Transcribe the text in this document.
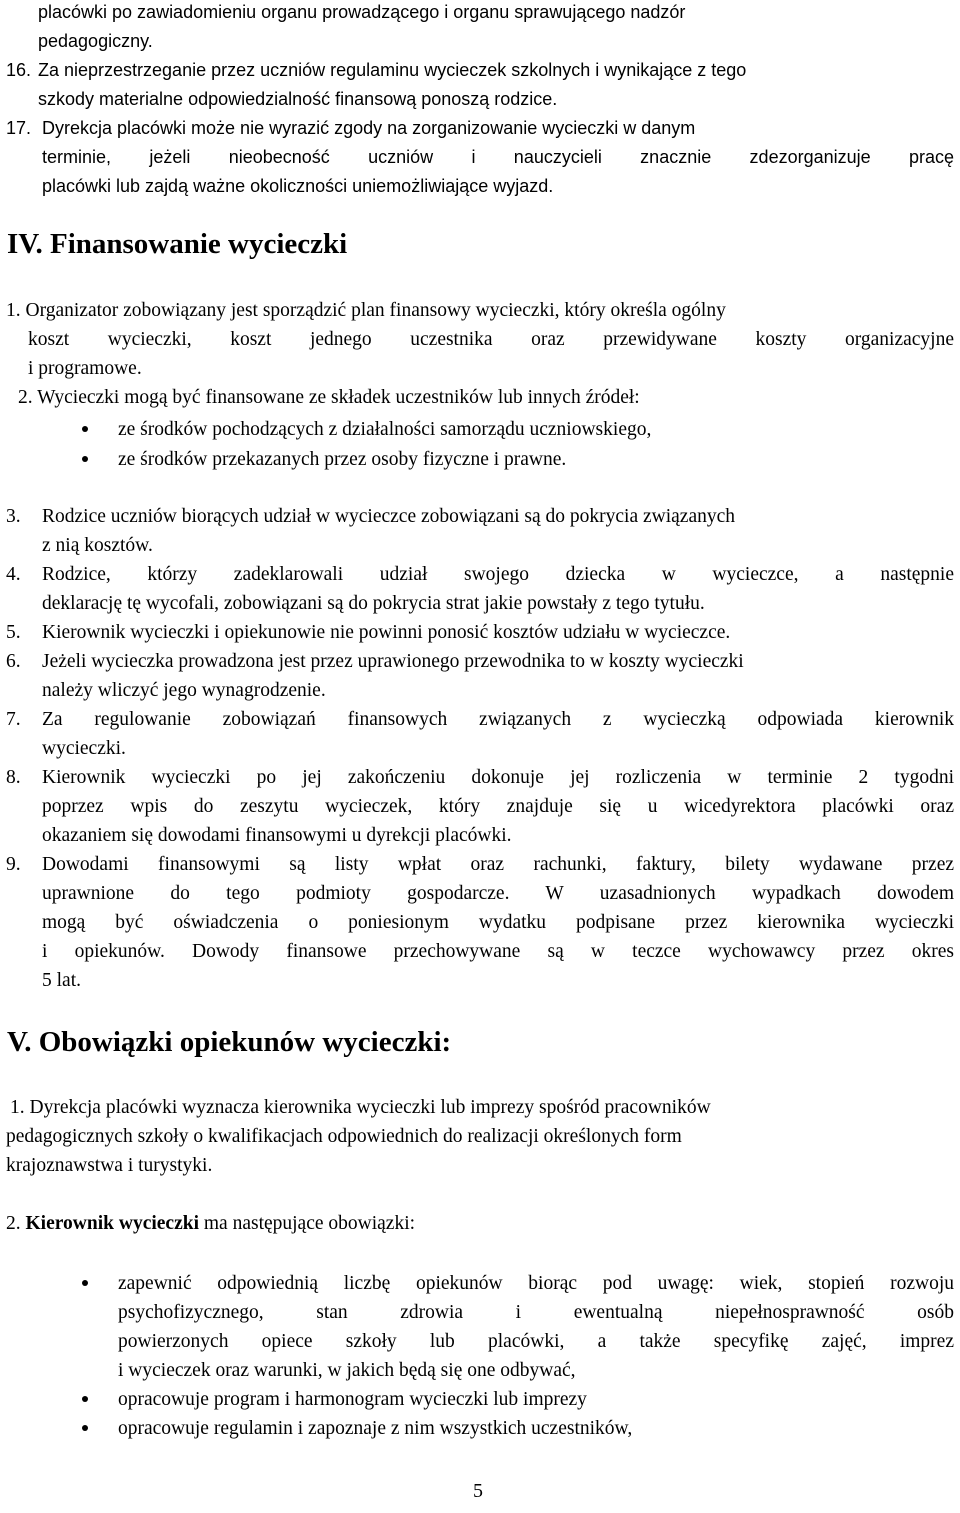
placówki po zawiadomieniu organu prowadzącego i organu sprawującego nadzór
pedagogiczny.
16. Za nieprzestrzeganie przez uczniów regulaminu wycieczek szkolnych i wynikające z tego
szkody materialne odpowiedzialność finansową ponoszą rodzice.
17. Dyrekcja placówki może nie wyrazić zgody na zorganizowanie wycieczki w danym
terminie, jeżeli nieobecność uczniów i nauczycieli znacznie zdezorganizuje pracę
placówki lub zajdą ważne okoliczności uniemożliwiające wyjazd.
IV. Finansowanie wycieczki
1. Organizator zobowiązany jest sporządzić plan finansowy wycieczki, który określa ogólny
koszt wycieczki, koszt jednego uczestnika oraz przewidywane koszty organizacyjne
i programowe.
2. Wycieczki mogą być finansowane ze składek uczestników lub innych źródeł:
ze środków pochodzących z działalności samorządu uczniowskiego,
ze środków przekazanych przez osoby fizyczne i prawne.
3. Rodzice uczniów biorących udział w wycieczce zobowiązani są do pokrycia związanych
z nią kosztów.
4. Rodzice, którzy zadeklarowali udział swojego dziecka w wycieczce, a następnie
deklarację tę wycofali, zobowiązani są do pokrycia strat jakie powstały z tego tytułu.
5. Kierownik wycieczki i opiekunowie nie powinni ponosić kosztów udziału w wycieczce.
6. Jeżeli wycieczka prowadzona jest przez uprawionego przewodnika to w koszty wycieczki
należy wliczyć jego wynagrodzenie.
7. Za regulowanie zobowiązań finansowych związanych z wycieczką odpowiada kierownik
wycieczki.
8. Kierownik wycieczki po jej zakończeniu dokonuje jej rozliczenia w terminie 2 tygodni
poprzez wpis do zeszytu wycieczek, który znajduje się u wicedyrektora placówki oraz
okazaniem się dowodami finansowymi u dyrekcji placówki.
9. Dowodami finansowymi są listy wpłat oraz rachunki, faktury, bilety wydawane przez
uprawnione do tego podmioty gospodarcze. W uzasadnionych wypadkach dowodem
mogą być oświadczenia o poniesionym wydatku podpisane przez kierownika wycieczki
i opiekunów. Dowody finansowe przechowywane są w teczce wychowawcy przez okres
5 lat.
V. Obowiązki opiekunów wycieczki:
1. Dyrekcja placówki wyznacza kierownika wycieczki lub imprezy spośród pracowników
pedagogicznych szkoły o kwalifikacjach odpowiednich do realizacji określonych form
krajoznawstwa i turystyki.
2. Kierownik wycieczki ma następujące obowiązki:
zapewnić odpowiednią liczbę opiekunów biorąc pod uwagę: wiek, stopień rozwoju
psychofizycznego, stan zdrowia i ewentualną niepełnosprawność osób
powierzonych opiece szkoły lub placówki, a także specyfikę zajęć, imprez
i wycieczek oraz warunki, w jakich będą się one odbywać,
opracowuje program i harmonogram wycieczki lub imprezy
opracowuje regulamin i zapoznaje z nim wszystkich uczestników,
5
